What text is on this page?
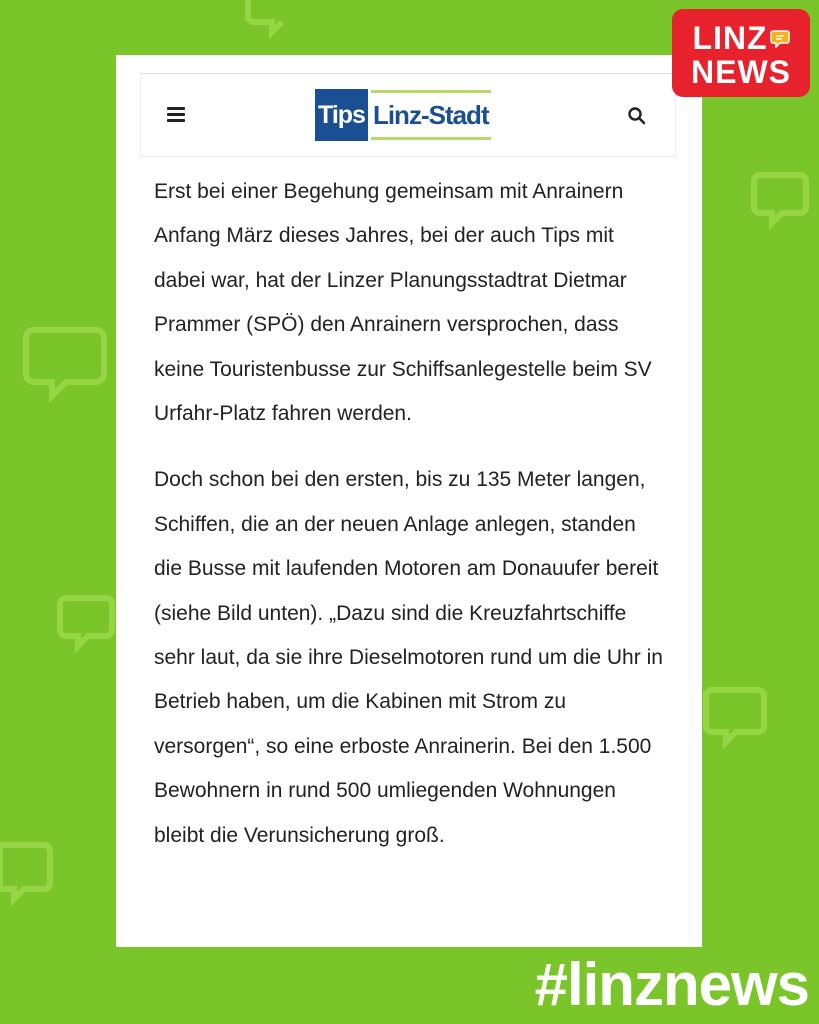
Tips Linz-Stadt

Erst bei einer Begehung gemeinsam mit Anrainern Anfang März dieses Jahres, bei der auch Tips mit dabei war, hat der Linzer Planungsstadtrat Dietmar Prammer (SPÖ) den Anrainern versprochen, dass keine Touristenbusse zur Schiffsanlegestelle beim SV Urfahr-Platz fahren werden.

Doch schon bei den ersten, bis zu 135 Meter langen, Schiffen, die an der neuen Anlage anlegen, standen die Busse mit laufenden Motoren am Donauufer bereit (siehe Bild unten). „Dazu sind die Kreuzfahrtschiffe sehr laut, da sie ihre Dieselmotoren rund um die Uhr in Betrieb haben, um die Kabinen mit Strom zu versorgen“, so eine erboste Anrainerin. Bei den 1.500 Bewohnern in rund 500 umliegenden Wohnungen bleibt die Verunsicherung groß.

LINZ
NEWS
#linznews
